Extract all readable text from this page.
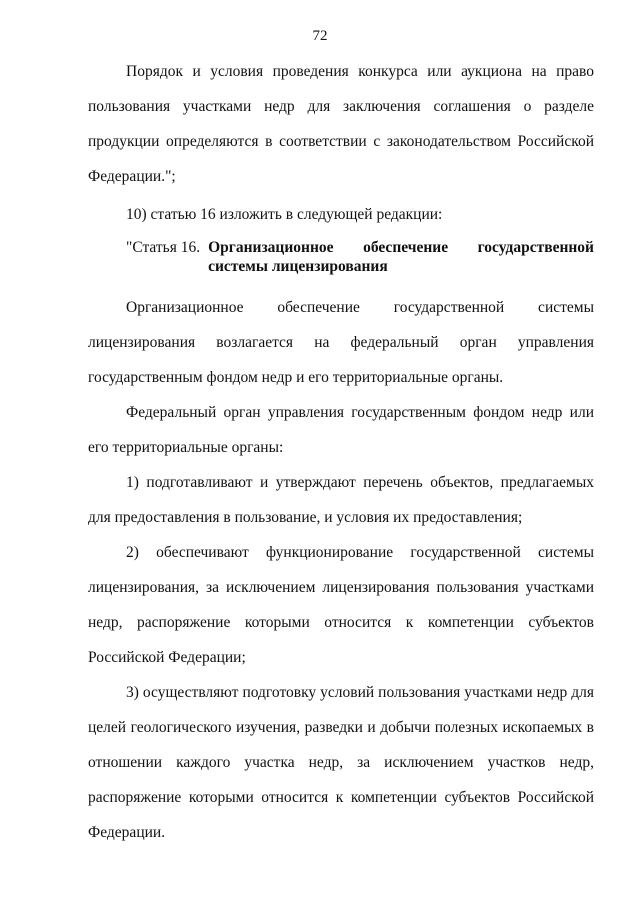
72

Порядок и условия проведения конкурса или аукциона на право пользования участками недр для заключения соглашения о разделе продукции определяются в соответствии с законодательством Российской Федерации.";

10) статью 16 изложить в следующей редакции:

"Статья 16. Организационное обеспечение государственной системы лицензирования

Организационное обеспечение государственной системы лицензирования возлагается на федеральный орган управления государственным фондом недр и его территориальные органы.

Федеральный орган управления государственным фондом недр или его территориальные органы:

1) подготавливают и утверждают перечень объектов, предлагаемых для предоставления в пользование, и условия их предоставления;

2) обеспечивают функционирование государственной системы лицензирования, за исключением лицензирования пользования участками недр, распоряжение которыми относится к компетенции субъектов Российской Федерации;

3) осуществляют подготовку условий пользования участками недр для целей геологического изучения, разведки и добычи полезных ископаемых в отношении каждого участка недр, за исключением участков недр, распоряжение которыми относится к компетенции субъектов Российской Федерации.
